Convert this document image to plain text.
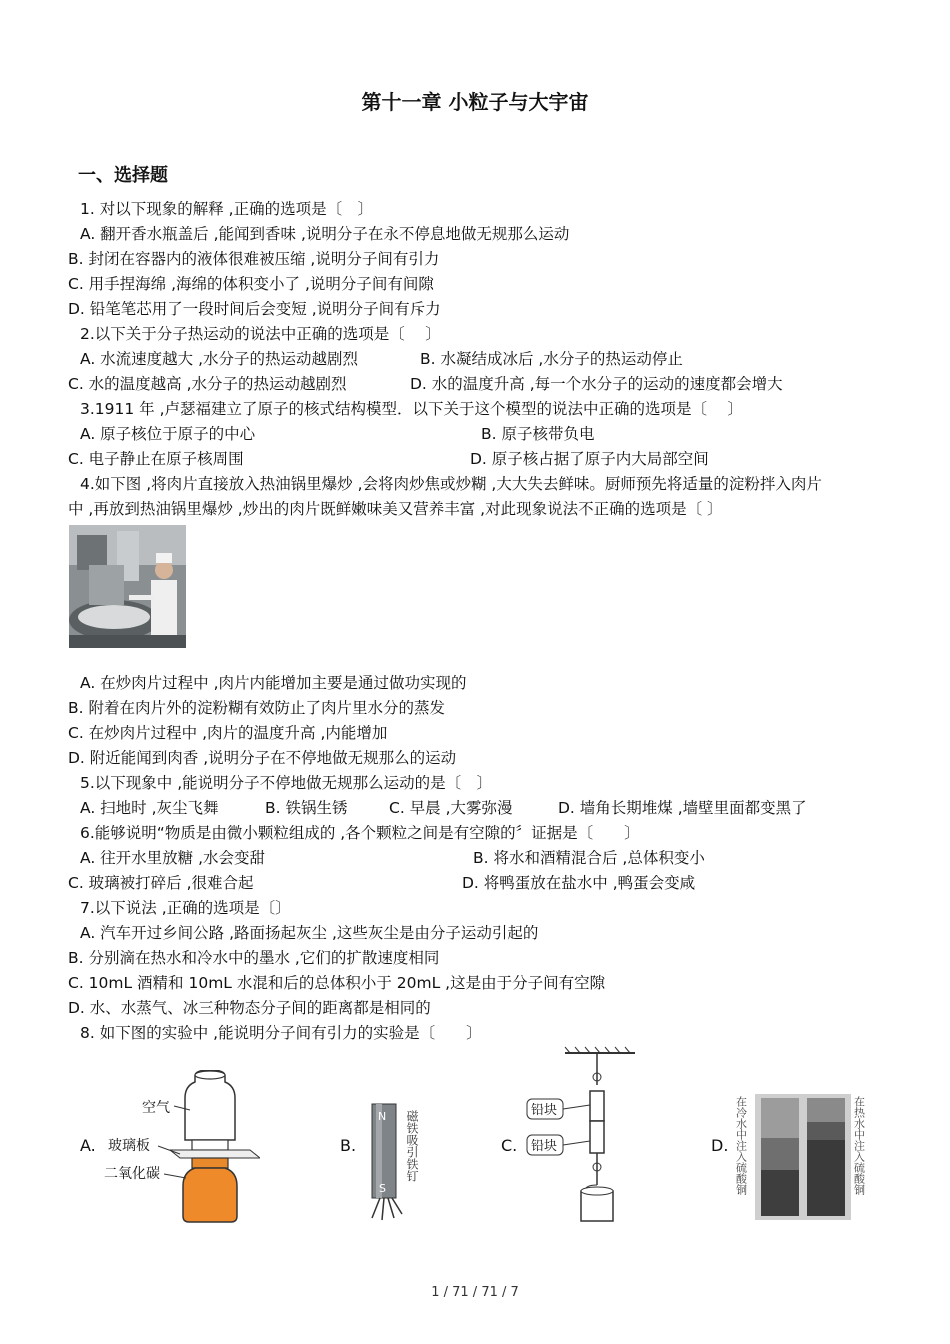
第十一章 小粒子与大宇宙
一、选择题
1. 对以下现象的解释 ,正确的选项是〔　〕
A. 翻开香水瓶盖后 ,能闻到香味 ,说明分子在永不停息地做无规那么运动
B. 封闭在容器内的液体很难被压缩 ,说明分子间有引力
C. 用手捏海绵 ,海绵的体积变小了 ,说明分子间有间隙
D. 铅笔笔芯用了一段时间后会变短 ,说明分子间有斥力
2.以下关于分子热运动的说法中正确的选项是〔　 〕
A. 水流速度越大 ,水分子的热运动越剧烈	B. 水凝结成冰后 ,水分子的热运动停止
C. 水的温度越高 ,水分子的热运动越剧烈	D. 水的温度升高 ,每一个水分子的运动的速度都会增大
3.1911 年 ,卢瑟福建立了原子的核式结构模型．以下关于这个模型的说法中正确的选项是〔　 〕
A. 原子核位于原子的中心	B. 原子核带负电
C. 电子静止在原子核周围	D. 原子核占据了原子内大局部空间
4.如下图 ,将肉片直接放入热油锅里爆炒 ,会将肉炒焦或炒糊 ,大大失去鲜味。厨师预先将适量的淀粉拌入肉片
中 ,再放到热油锅里爆炒 ,炒出的肉片既鲜嫩味美又营养丰富 ,对此现象说法不正确的选项是〔 〕
A. 在炒肉片过程中 ,肉片内能增加主要是通过做功实现的
B. 附着在肉片外的淀粉糊有效防止了肉片里水分的蒸发
C. 在炒肉片过程中 ,肉片的温度升高 ,内能增加
D. 附近能闻到肉香 ,说明分子在不停地做无规那么的运动
5.以下现象中 ,能说明分子不停地做无规那么运动的是〔　〕
A. 扫地时 ,灰尘飞舞	B. 铁锅生锈	C. 早晨 ,大雾弥漫	D. 墙角长期堆煤 ,墙壁里面都变黑了
6.能够说明“物质是由微小颗粒组成的 ,各个颗粒之间是有空隙的〞证据是〔　　〕
A. 往开水里放糖 ,水会变甜	B. 将水和酒精混合后 ,总体积变小
C. 玻璃被打碎后 ,很难合起	D. 将鸭蛋放在盐水中 ,鸭蛋会变咸
7.以下说法 ,正确的选项是〔〕
A. 汽车开过乡间公路 ,路面扬起灰尘 ,这些灰尘是由分子运动引起的
B. 分别滴在热水和冷水中的墨水 ,它们的扩散速度相同
C. 10mL 酒精和 10mL 水混和后的总体积小于 20mL ,这是由于分子间有空隙
D. 水、水蒸气、冰三种物态分子间的距离都是相同的
8. 如下图的实验中 ,能说明分子间有引力的实验是〔　　〕
A.	B.	C.	D.
空气
玻璃板
二氧化碳
N
S
磁铁吸引铁钉	铅块
铅块	在冷水中注入硫酸铜	在热水中注入硫酸铜
1 / 71 / 71 / 7
